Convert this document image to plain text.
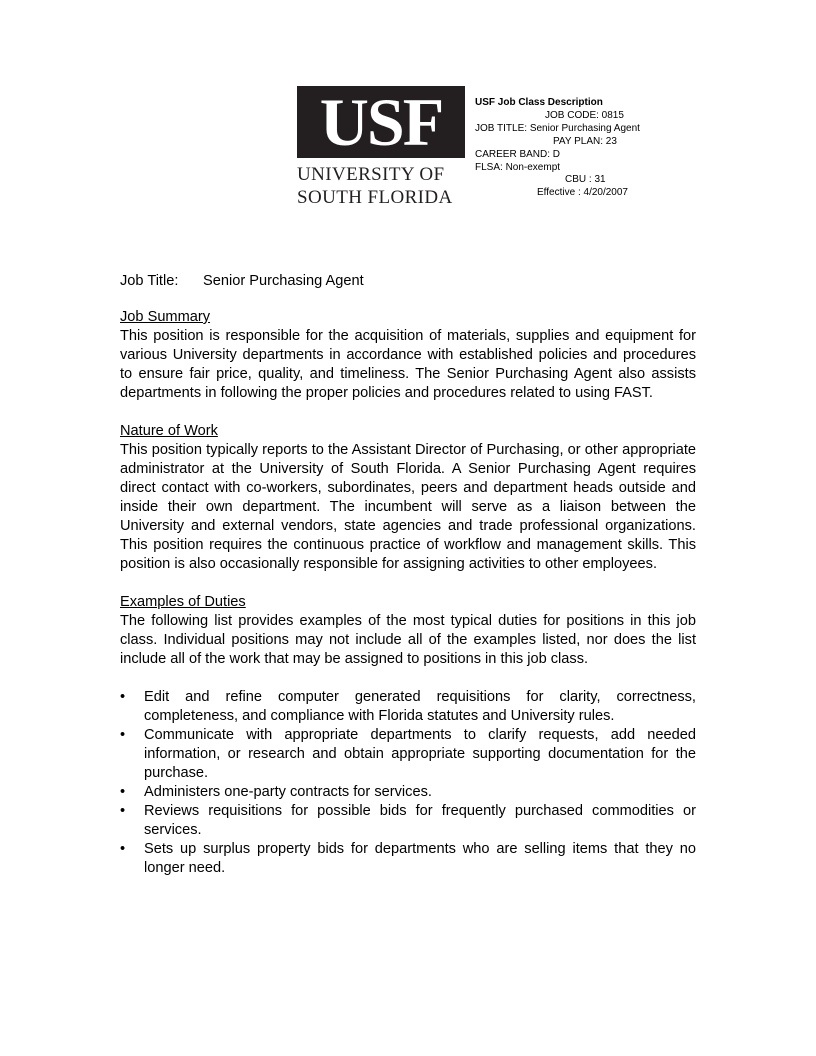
USF
UNIVERSITY OF
SOUTH FLORIDA
USF Job Class Description
JOB CODE: 0815
JOB TITLE: Senior Purchasing Agent
PAY PLAN: 23
CAREER BAND: D
FLSA: Non-exempt
CBU : 31
Effective : 4/20/2007
Job Title: Senior Purchasing Agent
Job Summary

This position is responsible for the acquisition of materials, supplies and equipment for various University departments in accordance with established policies and procedures to ensure fair price, quality, and timeliness. The Senior Purchasing Agent also assists departments in following the proper policies and procedures related to using FAST.

Nature of Work

This position typically reports to the Assistant Director of Purchasing, or other appropriate administrator at the University of South Florida. A Senior Purchasing Agent requires direct contact with co-workers, subordinates, peers and department heads outside and inside their own department. The incumbent will serve as a liaison between the University and external vendors, state agencies and trade professional organizations. This position requires the continuous practice of workflow and management skills. This position is also occasionally responsible for assigning activities to other employees.

Examples of Duties

The following list provides examples of the most typical duties for positions in this job class. Individual positions may not include all of the examples listed, nor does the list include all of the work that may be assigned to positions in this job class.

• Edit and refine computer generated requisitions for clarity, correctness, completeness, and compliance with Florida statutes and University rules.
• Communicate with appropriate departments to clarify requests, add needed information, or research and obtain appropriate supporting documentation for the purchase.
• Administers one-party contracts for services.
• Reviews requisitions for possible bids for frequently purchased commodities or services.
• Sets up surplus property bids for departments who are selling items that they no longer need.
